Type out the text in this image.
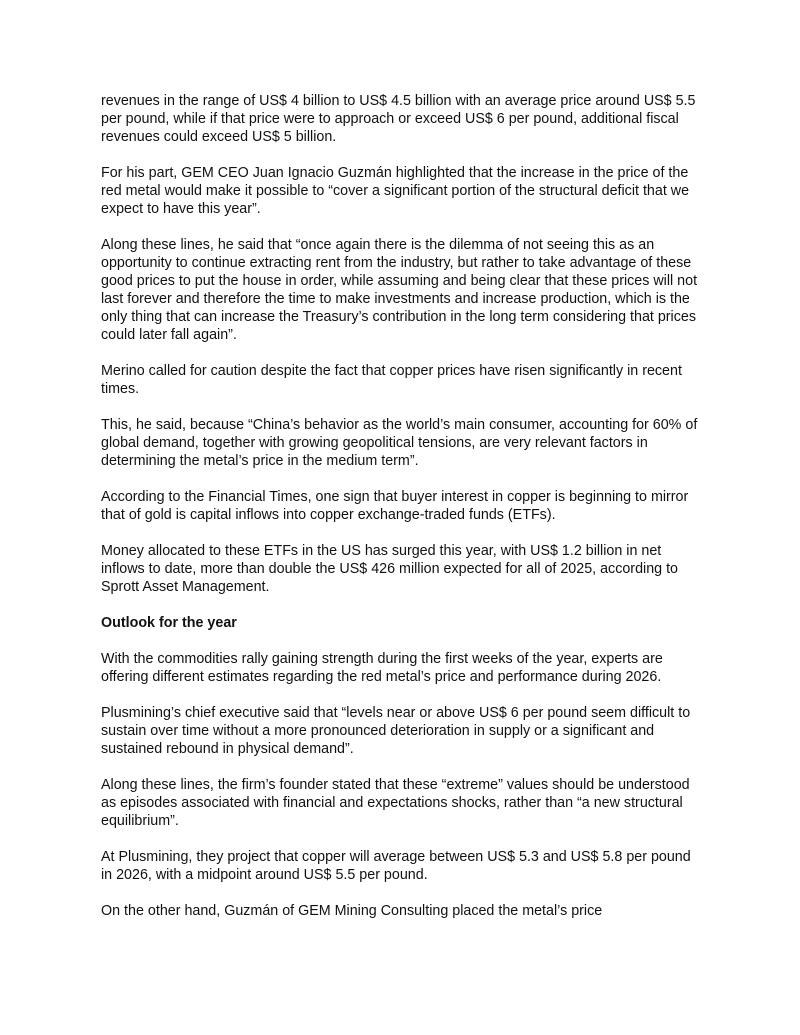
revenues in the range of US$ 4 billion to US$ 4.5 billion with an average price around US$ 5.5 per pound, while if that price were to approach or exceed US$ 6 per pound, additional fiscal revenues could exceed US$ 5 billion.

For his part, GEM CEO Juan Ignacio Guzmán highlighted that the increase in the price of the red metal would make it possible to “cover a significant portion of the structural deficit that we expect to have this year”.

Along these lines, he said that “once again there is the dilemma of not seeing this as an opportunity to continue extracting rent from the industry, but rather to take advantage of these good prices to put the house in order, while assuming and being clear that these prices will not last forever and therefore the time to make investments and increase production, which is the only thing that can increase the Treasury’s contribution in the long term considering that prices could later fall again”.

Merino called for caution despite the fact that copper prices have risen significantly in recent times.

This, he said, because “China’s behavior as the world’s main consumer, accounting for 60% of global demand, together with growing geopolitical tensions, are very relevant factors in determining the metal’s price in the medium term”.

According to the Financial Times, one sign that buyer interest in copper is beginning to mirror that of gold is capital inflows into copper exchange-traded funds (ETFs).

Money allocated to these ETFs in the US has surged this year, with US$ 1.2 billion in net inflows to date, more than double the US$ 426 million expected for all of 2025, according to Sprott Asset Management.

Outlook for the year

With the commodities rally gaining strength during the first weeks of the year, experts are offering different estimates regarding the red metal’s price and performance during 2026.

Plusmining’s chief executive said that “levels near or above US$ 6 per pound seem difficult to sustain over time without a more pronounced deterioration in supply or a significant and sustained rebound in physical demand”.

Along these lines, the firm’s founder stated that these “extreme” values should be understood as episodes associated with financial and expectations shocks, rather than “a new structural equilibrium”.

At Plusmining, they project that copper will average between US$ 5.3 and US$ 5.8 per pound in 2026, with a midpoint around US$ 5.5 per pound.

On the other hand, Guzmán of GEM Mining Consulting placed the metal’s price
